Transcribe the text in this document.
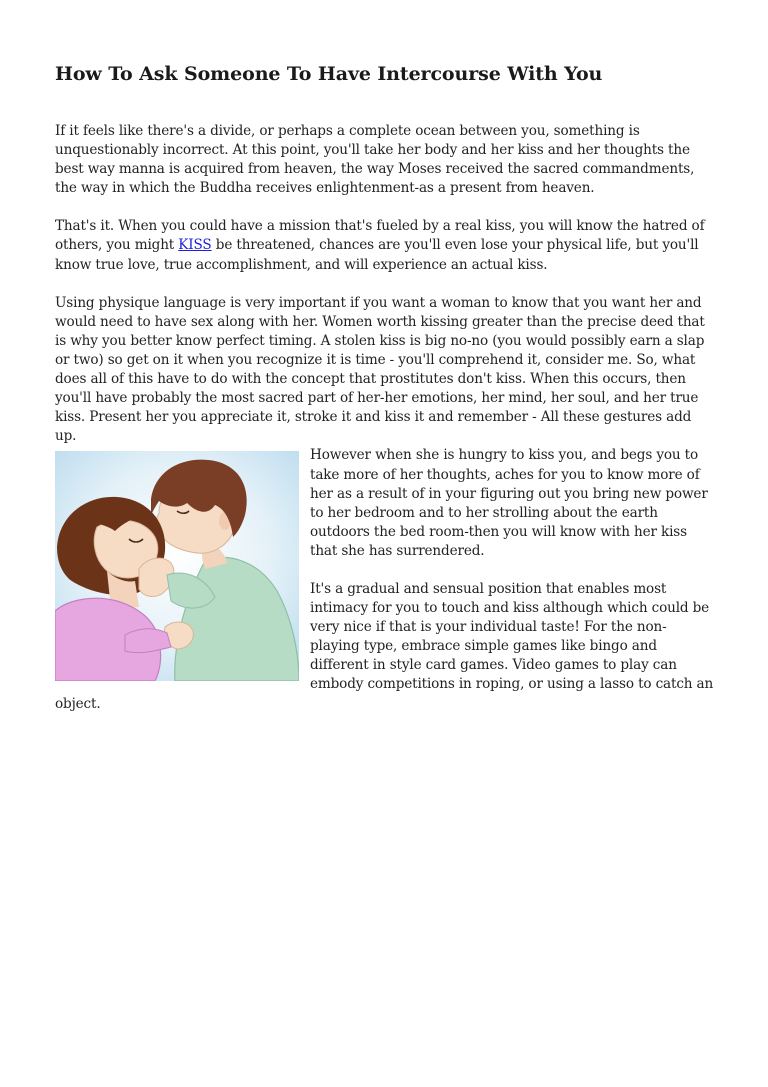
How To Ask Someone To Have Intercourse With You

If it feels like there's a divide, or perhaps a complete ocean between you, something is unquestionably incorrect. At this point, you'll take her body and her kiss and her thoughts the best way manna is acquired from heaven, the way Moses received the sacred commandments, the way in which the Buddha receives enlightenment-as a present from heaven.

That's it. When you could have a mission that's fueled by a real kiss, you will know the hatred of others, you might KISS be threatened, chances are you'll even lose your physical life, but you'll know true love, true accomplishment, and will experience an actual kiss.

Using physique language is very important if you want a woman to know that you want her and would need to have sex along with her. Women worth kissing greater than the precise deed that is why you better know perfect timing. A stolen kiss is big no-no (you would possibly earn a slap or two) so get on it when you recognize it is time - you'll comprehend it, consider me. So, what does all of this have to do with the concept that prostitutes don't kiss. When this occurs, then you'll have probably the most sacred part of her-her emotions, her mind, her soul, and her true kiss. Present her you appreciate it, stroke it and kiss it and remember - All these gestures add up.

However when she is hungry to kiss you, and begs you to take more of her thoughts, aches for you to know more of her as a result of in your figuring out you bring new power to her bedroom and to her strolling about the earth outdoors the bed room-then you will know with her kiss that she has surrendered.

It's a gradual and sensual position that enables most intimacy for you to touch and kiss although which could be very nice if that is your individual taste! For the non-playing type, embrace simple games like bingo and different in style card games. Video games to play can embody competitions in roping, or using a lasso to catch an object.
